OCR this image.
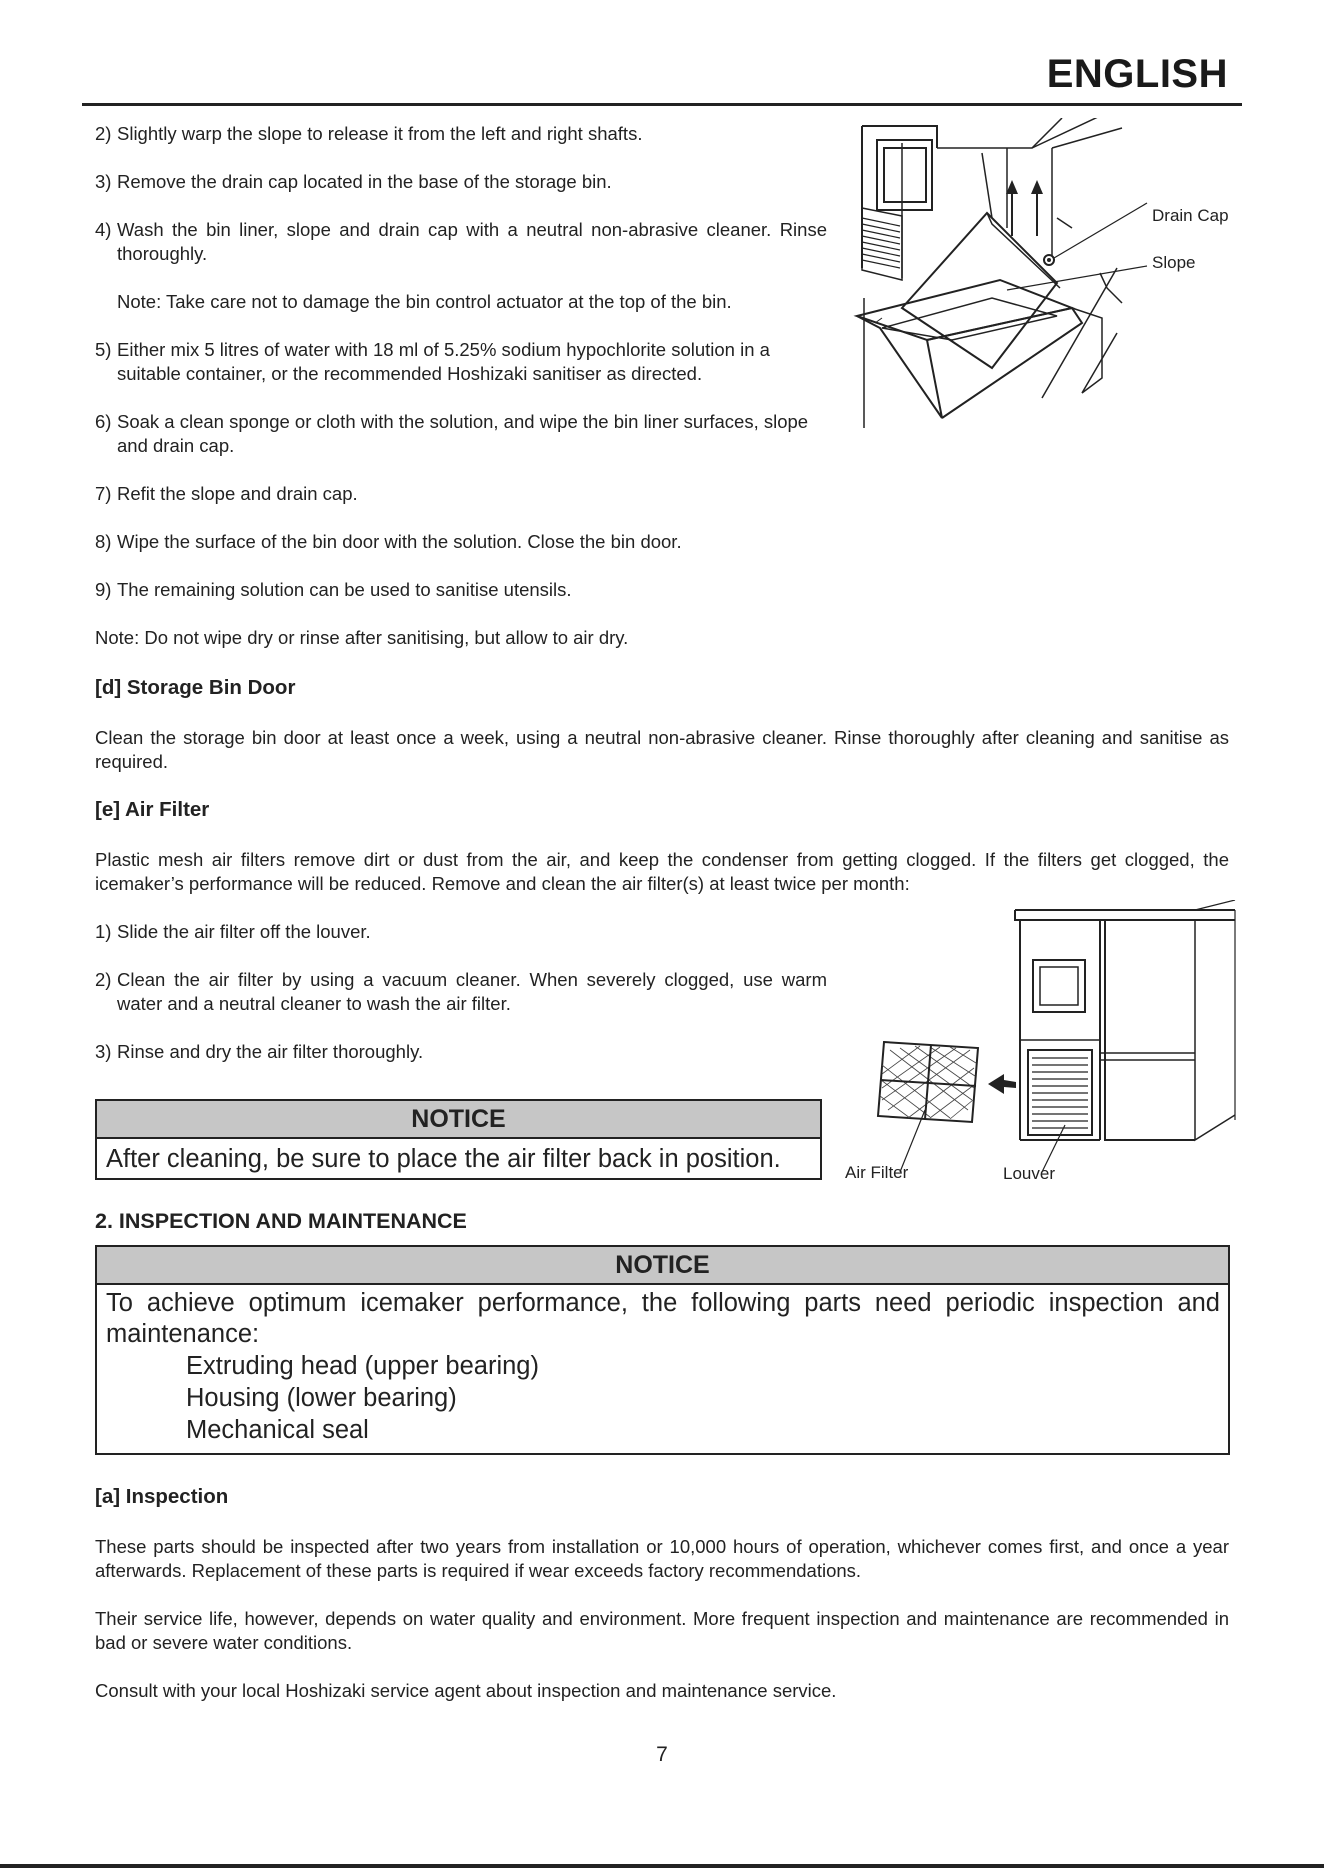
ENGLISH
2) Slightly warp the slope to release it from the left and right shafts.
3) Remove the drain cap located in the base of the storage bin.
4) Wash the bin liner, slope and drain cap with a neutral non-abrasive cleaner. Rinse thoroughly.
Note: Take care not to damage the bin control actuator at the top of the bin.
5) Either mix 5 litres of water with 18 ml of 5.25% sodium hypochlorite solution in a suitable container, or the recommended Hoshizaki sanitiser as directed.
6) Soak a clean sponge or cloth with the solution, and wipe the bin liner surfaces, slope and drain cap.
7) Refit the slope and drain cap.
8) Wipe the surface of the bin door with the solution. Close the bin door.
9) The remaining solution can be used to sanitise utensils.
Note: Do not wipe dry or rinse after sanitising, but allow to air dry.
Drain Cap
Slope
[d] Storage Bin Door
Clean the storage bin door at least once a week, using a neutral non-abrasive cleaner. Rinse thoroughly after cleaning and sanitise as required.
[e] Air Filter
Plastic mesh air filters remove dirt or dust from the air, and keep the condenser from getting clogged. If the filters get clogged, the icemaker’s performance will be reduced. Remove and clean the air filter(s) at least twice per month:
1) Slide the air filter off the louver.
2) Clean the air filter by using a vacuum cleaner. When severely clogged, use warm water and a neutral cleaner to wash the air filter.
3) Rinse and dry the air filter thoroughly.
NOTICE
After cleaning, be sure to place the air filter back in position.	Air Filter	Louver
2. INSPECTION AND MAINTENANCE
NOTICE
To achieve optimum icemaker performance, the following parts need periodic inspection and maintenance:
Extruding head (upper bearing)
Housing (lower bearing)
Mechanical seal
[a] Inspection
These parts should be inspected after two years from installation or 10,000 hours of operation, whichever comes first, and once a year afterwards. Replacement of these parts is required if wear exceeds factory recommendations.
Their service life, however, depends on water quality and environment. More frequent inspection and maintenance are recommended in bad or severe water conditions.
Consult with your local Hoshizaki service agent about inspection and maintenance service.
7
